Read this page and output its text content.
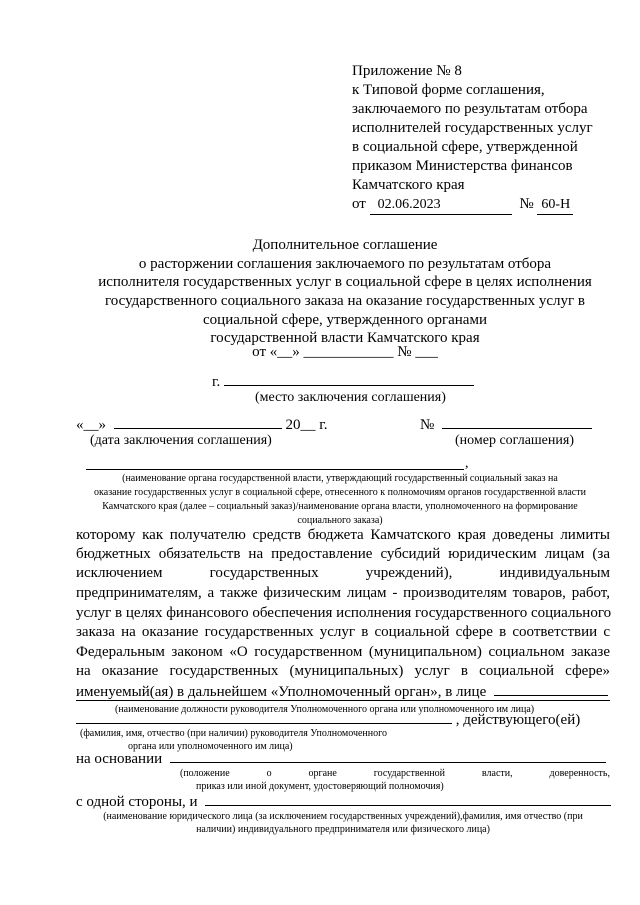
Приложение № 8
к Типовой форме соглашения,
заключаемого по результатам отбора
исполнителей государственных услуг
в социальной сфере, утвержденной
приказом Министерства финансов
Камчатского края
от 02.06.2023	№ 60-Н
Дополнительное соглашение
о расторжении соглашения заключаемого по результатам отбора
исполнителя государственных услуг в социальной сфере в целях исполнения
государственного социального заказа на оказание государственных услуг в
социальной сфере, утвержденного органами
государственной власти Камчатского края
от «__» ____________ № ___
г.
(место заключения соглашения)
«__»	20__ г.	№
(дата заключения соглашения)	(номер соглашения)
,
(наименование органа государственной власти, утверждающий государственный социальный заказ на
оказание государственных услуг в социальной сфере, отнесенного к полномочиям органов государственной власти
Камчатского края (далее – социальный заказ)/наименование органа власти, уполномоченного на формирование
социального заказа)
которому как получателю средств бюджета Камчатского края доведены лимиты
бюджетных обязательств на предоставление субсидий юридическим лицам (за
исключением государственных учреждений), индивидуальным
предпринимателям, а также физическим лицам - производителям товаров, работ,
услуг в целях финансового обеспечения исполнения государственного социального
заказа на оказание государственных услуг в социальной сфере в соответствии с
Федеральным законом «О государственном (муниципальном) социальном заказе
на оказание государственных (муниципальных) услуг в социальной сфере»
именуемый(ая) в дальнейшем «Уполномоченный орган», в лице
(наименование должности руководителя Уполномоченного органа или уполномоченного им лица)
, действующего(ей)
(фамилия, имя, отчество (при наличии) руководителя Уполномоченного
органа или уполномоченного им лица)
на основании
(положение о органе государственной власти, доверенность,
приказ или иной документ, удостоверяющий полномочия)
с одной стороны, и
(наименование юридического лица (за исключением государственных учреждений),фамилия, имя отчество (при
наличии) индивидуального предпринимателя или физического лица)
